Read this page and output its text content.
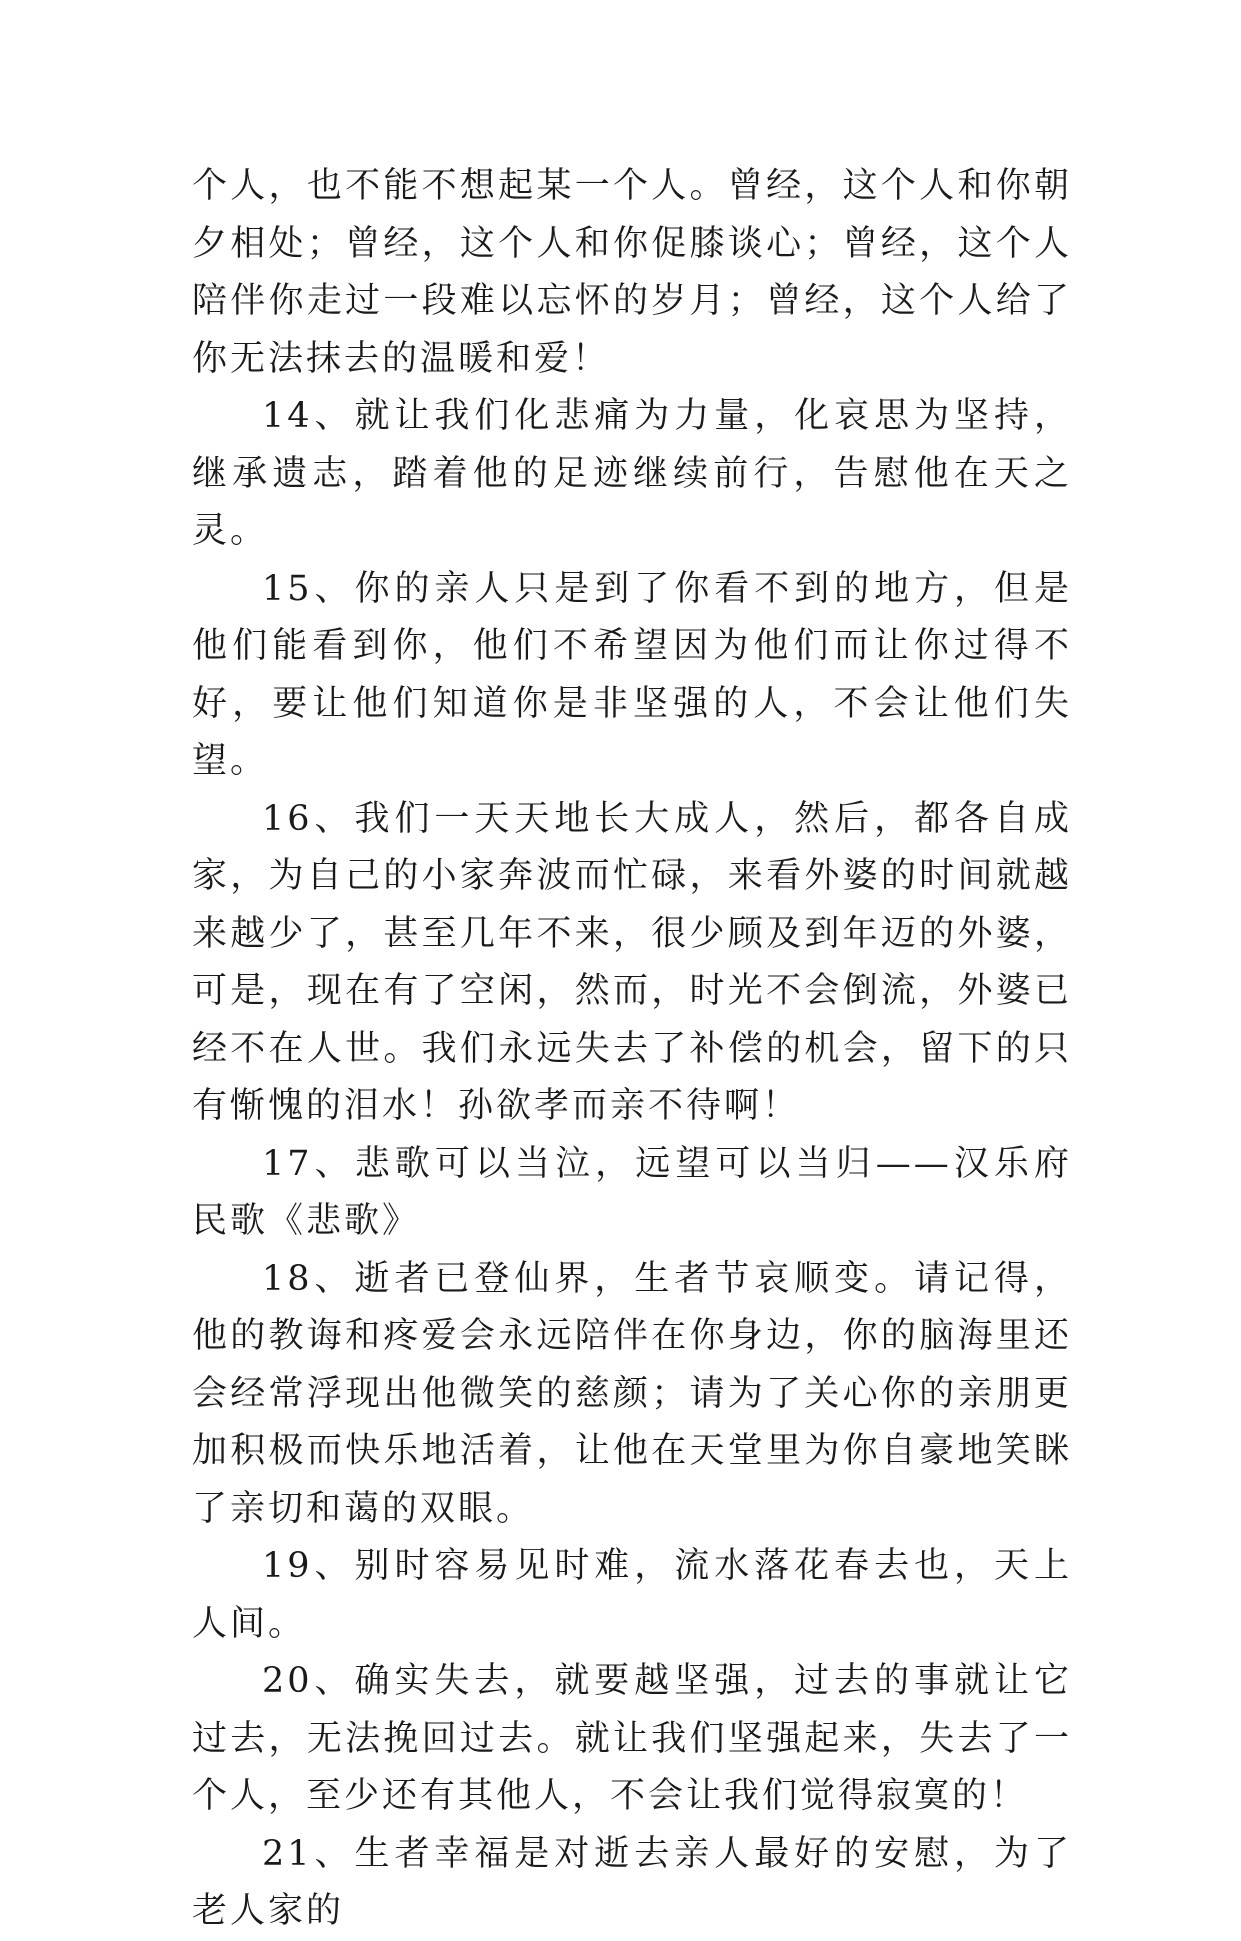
个人，也不能不想起某一个人。曾经，这个人和你朝夕相处；曾经，这个人和你促膝谈心；曾经，这个人陪伴你走过一段难以忘怀的岁月；曾经，这个人给了你无法抹去的温暖和爱！

14、就让我们化悲痛为力量，化哀思为坚持，继承遗志，踏着他的足迹继续前行，告慰他在天之灵。

15、你的亲人只是到了你看不到的地方，但是他们能看到你，他们不希望因为他们而让你过得不好，要让他们知道你是非坚强的人，不会让他们失望。

16、我们一天天地长大成人，然后，都各自成家，为自己的小家奔波而忙碌，来看外婆的时间就越来越少了，甚至几年不来，很少顾及到年迈的外婆，可是，现在有了空闲，然而，时光不会倒流，外婆已经不在人世。我们永远失去了补偿的机会，留下的只有惭愧的泪水！孙欲孝而亲不待啊！

17、悲歌可以当泣，远望可以当归——汉乐府民歌《悲歌》

18、逝者已登仙界，生者节哀顺变。请记得，他的教诲和疼爱会永远陪伴在你身边，你的脑海里还会经常浮现出他微笑的慈颜；请为了关心你的亲朋更加积极而快乐地活着，让他在天堂里为你自豪地笑眯了亲切和蔼的双眼。

19、别时容易见时难，流水落花春去也，天上人间。

20、确实失去，就要越坚强，过去的事就让它过去，无法挽回过去。就让我们坚强起来，失去了一个人，至少还有其他人，不会让我们觉得寂寞的！

21、生者幸福是对逝去亲人最好的安慰，为了老人家的
